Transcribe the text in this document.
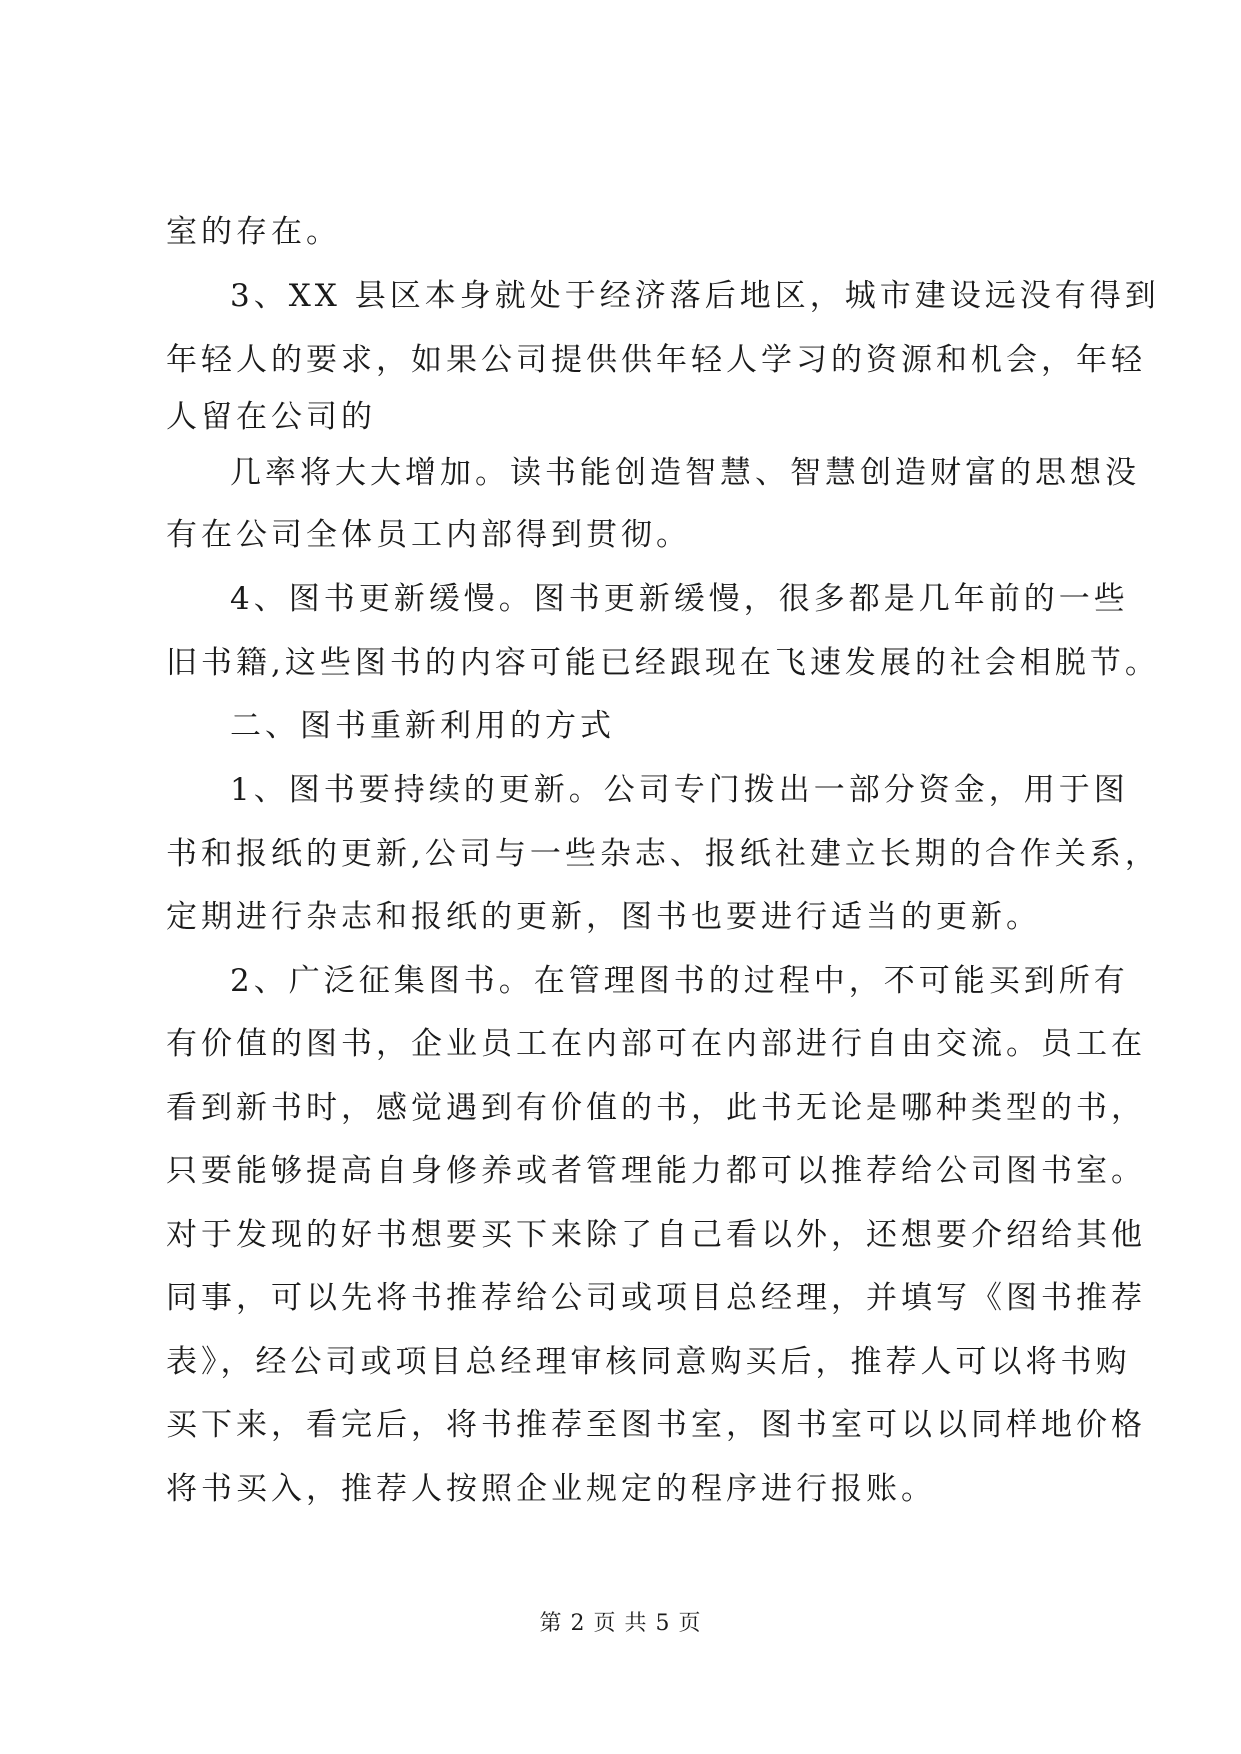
室的存在。
3、XX 县区本身就处于经济落后地区，城市建设远没有得到
年轻人的要求，如果公司提供供年轻人学习的资源和机会，年轻
人留在公司的
几率将大大增加。读书能创造智慧、智慧创造财富的思想没
有在公司全体员工内部得到贯彻。
4、图书更新缓慢。图书更新缓慢，很多都是几年前的一些
旧书籍,这些图书的内容可能已经跟现在飞速发展的社会相脱节。
二、图书重新利用的方式
1、图书要持续的更新。公司专门拨出一部分资金，用于图
书和报纸的更新,公司与一些杂志、报纸社建立长期的合作关系，
定期进行杂志和报纸的更新，图书也要进行适当的更新。
2、广泛征集图书。在管理图书的过程中，不可能买到所有
有价值的图书，企业员工在内部可在内部进行自由交流。员工在
看到新书时，感觉遇到有价值的书，此书无论是哪种类型的书，
只要能够提高自身修养或者管理能力都可以推荐给公司图书室。
对于发现的好书想要买下来除了自己看以外，还想要介绍给其他
同事，可以先将书推荐给公司或项目总经理，并填写《图书推荐
表》，经公司或项目总经理审核同意购买后，推荐人可以将书购
买下来，看完后，将书推荐至图书室，图书室可以以同样地价格
将书买入，推荐人按照企业规定的程序进行报账。
第 2 页 共 5 页
